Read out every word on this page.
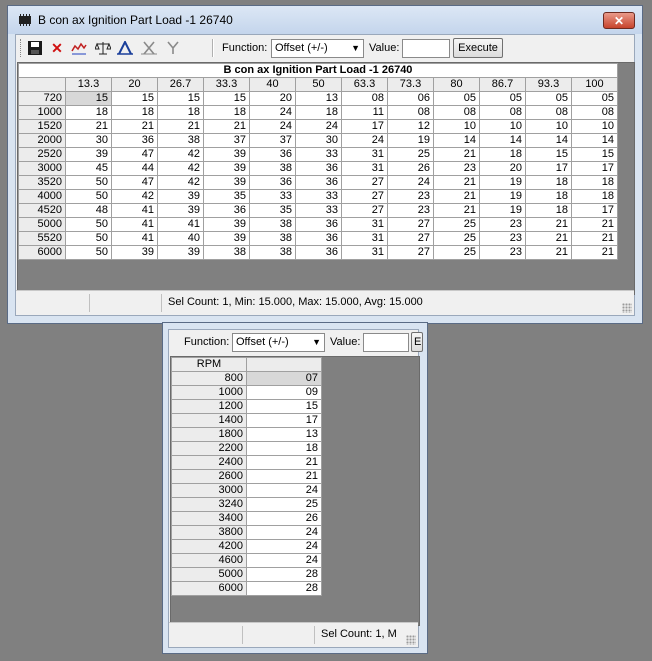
B con ax Ignition Part Load -1 26740	✕
✕	Function: Offset (+/-)	▼ Value:	Execute
B con ax Ignition Part Load -1 26740												
	13.3	20	26.7	33.3	40	50	63.3	73.3	80	86.7	93.3	100
720	15	15	15	15	20	13	08	06	05	05	05	05
1000	18	18	18	18	24	18	11	08	08	08	08	08
1520	21	21	21	21	24	24	17	12	10	10	10	10
2000	30	36	38	37	37	30	24	19	14	14	14	14
2520	39	47	42	39	36	33	31	25	21	18	15	15
3000	45	44	42	39	38	36	31	26	23	20	17	17
3520	50	47	42	39	36	36	27	24	21	19	18	18
4000	50	42	39	35	33	33	27	23	21	19	18	18
4520	48	41	39	36	35	33	27	23	21	19	18	17
5000	50	41	41	39	38	36	31	27	25	23	21	21
5520	50	41	40	39	38	36	31	27	25	23	21	21
6000	50	39	39	38	38	36	31	27	25	23	21	21
Sel Count: 1, Min: 15.000, Max: 15.000, Avg: 15.000
Function: Offset (+/-)	▼ Value:	E
RPM	
800	07
1000	09
1200	15
1400	17
1800	13
2200	18
2400	21
2600	21
3000	24
3240	25
3400	26
3800	24
4200	24
4600	24
5000	28
6000	28
Sel Count: 1, M
